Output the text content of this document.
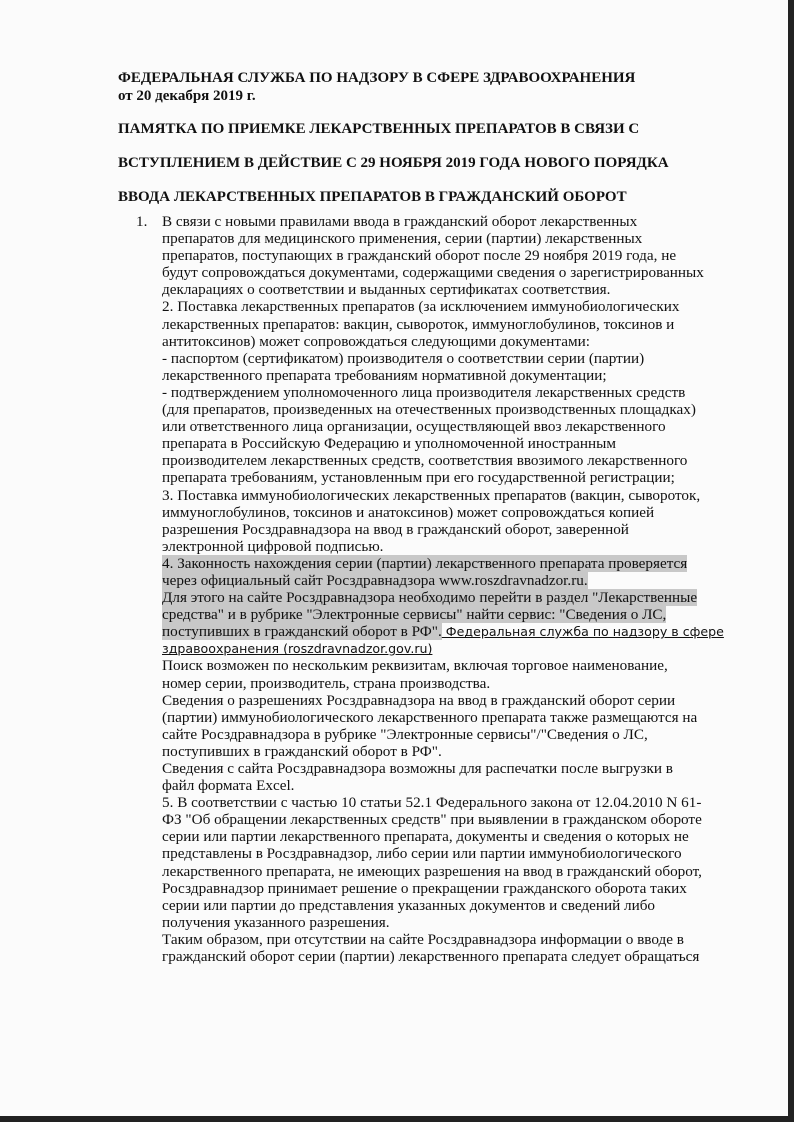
ФЕДЕРАЛЬНАЯ СЛУЖБА ПО НАДЗОРУ В СФЕРЕ ЗДРАВООХРАНЕНИЯ
от 20 декабря 2019 г.
ПАМЯТКА ПО ПРИЕМКЕ ЛЕКАРСТВЕННЫХ ПРЕПАРАТОВ В СВЯЗИ С
ВСТУПЛЕНИЕМ В ДЕЙСТВИЕ С 29 НОЯБРЯ 2019 ГОДА НОВОГО ПОРЯДКА
ВВОДА ЛЕКАРСТВЕННЫХ ПРЕПАРАТОВ В ГРАЖДАНСКИЙ ОБОРОТ
1. В связи с новыми правилами ввода в гражданский оборот лекарственных
препаратов для медицинского применения, серии (партии) лекарственных
препаратов, поступающих в гражданский оборот после 29 ноября 2019 года, не
будут сопровождаться документами, содержащими сведения о зарегистрированных
декларациях о соответствии и выданных сертификатах соответствия.
2. Поставка лекарственных препаратов (за исключением иммунобиологических
лекарственных препаратов: вакцин, сывороток, иммуноглобулинов, токсинов и
антитоксинов) может сопровождаться следующими документами:
- паспортом (сертификатом) производителя о соответствии серии (партии)
лекарственного препарата требованиям нормативной документации;
- подтверждением уполномоченного лица производителя лекарственных средств
(для препаратов, произведенных на отечественных производственных площадках)
или ответственного лица организации, осуществляющей ввоз лекарственного
препарата в Российскую Федерацию и уполномоченной иностранным
производителем лекарственных средств, соответствия ввозимого лекарственного
препарата требованиям, установленным при его государственной регистрации;
3. Поставка иммунобиологических лекарственных препаратов (вакцин, сывороток,
иммуноглобулинов, токсинов и анатоксинов) может сопровождаться копией
разрешения Росздравнадзора на ввод в гражданский оборот, заверенной
электронной цифровой подписью.
4. Законность нахождения серии (партии) лекарственного препарата проверяется
через официальный сайт Росздравнадзора www.roszdravnadzor.ru.
Для этого на сайте Росздравнадзора необходимо перейти в раздел "Лекарственные
средства" и в рубрике "Электронные сервисы" найти сервис: "Сведения о ЛС,
поступивших в гражданский оборот в РФ". Федеральная служба по надзору в сфере
здравоохранения (roszdravnadzor.gov.ru)
Поиск возможен по нескольким реквизитам, включая торговое наименование,
номер серии, производитель, страна производства.
Сведения о разрешениях Росздравнадзора на ввод в гражданский оборот серии
(партии) иммунобиологического лекарственного препарата также размещаются на
сайте Росздравнадзора в рубрике "Электронные сервисы"/"Сведения о ЛС,
поступивших в гражданский оборот в РФ".
Сведения с сайта Росздравнадзора возможны для распечатки после выгрузки в
файл формата Excel.
5. В соответствии с частью 10 статьи 52.1 Федерального закона от 12.04.2010 N 61-
ФЗ "Об обращении лекарственных средств" при выявлении в гражданском обороте
серии или партии лекарственного препарата, документы и сведения о которых не
представлены в Росздравнадзор, либо серии или партии иммунобиологического
лекарственного препарата, не имеющих разрешения на ввод в гражданский оборот,
Росздравнадзор принимает решение о прекращении гражданского оборота таких
серии или партии до представления указанных документов и сведений либо
получения указанного разрешения.
Таким образом, при отсутствии на сайте Росздравнадзора информации о вводе в
гражданский оборот серии (партии) лекарственного препарата следует обращаться
